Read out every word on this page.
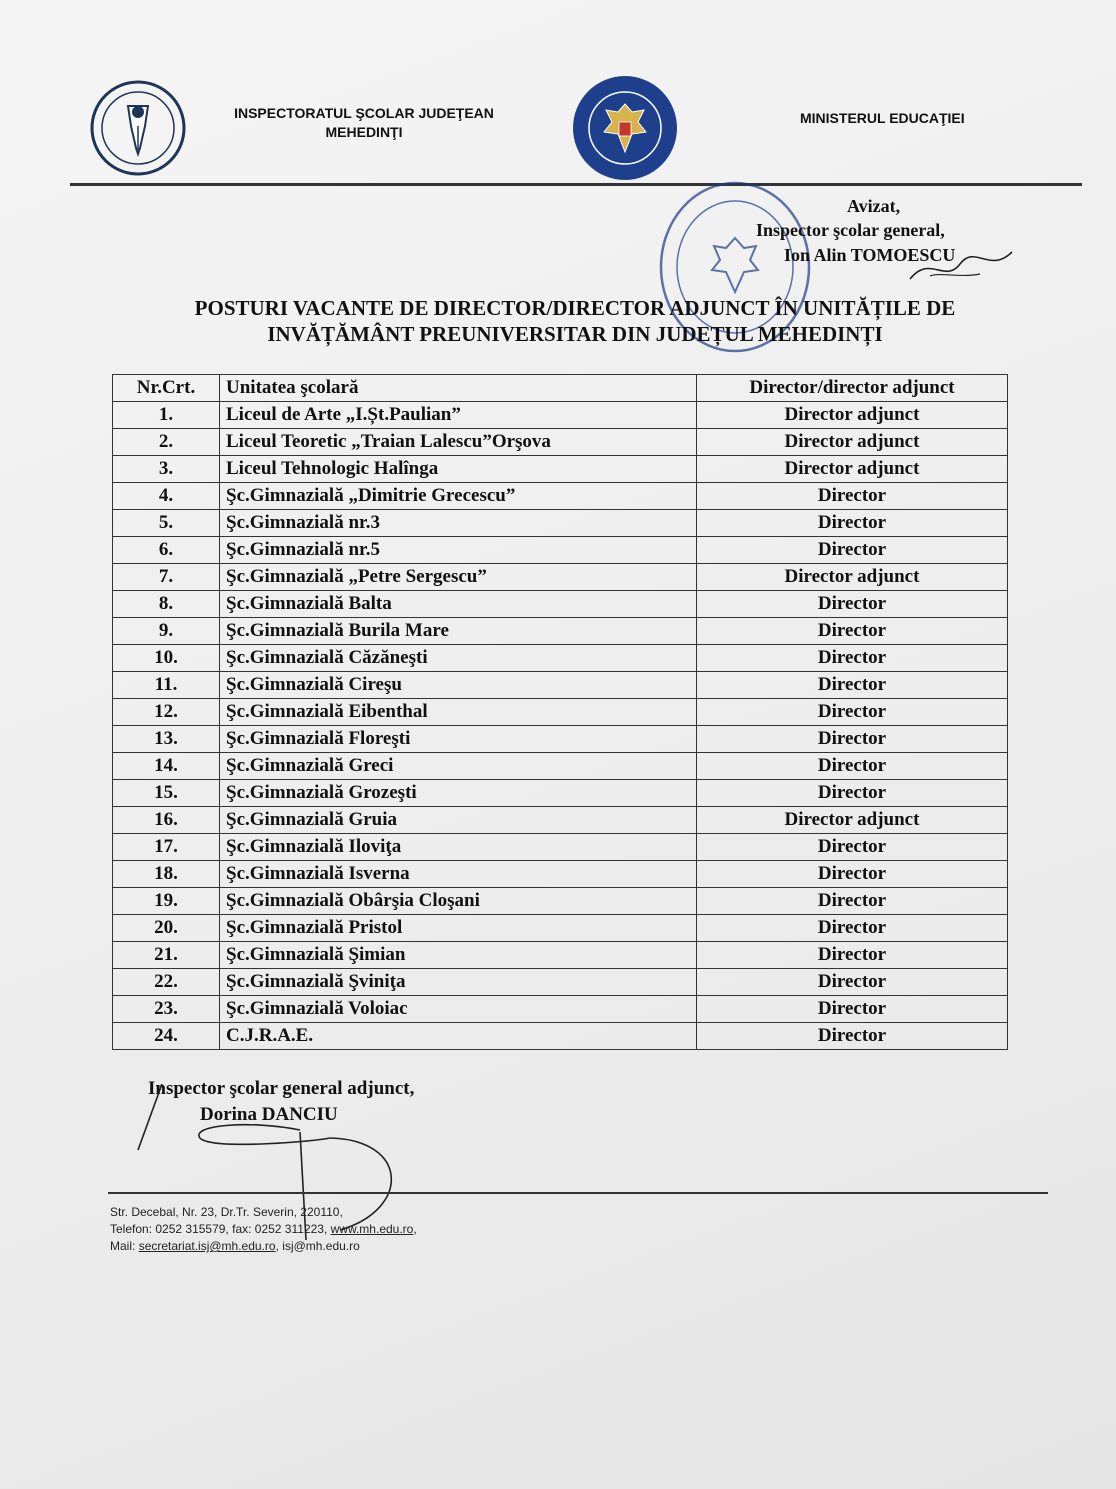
INSPECTORATUL ŞCOLAR JUDEŢEAN
MEHEDINŢI
MINISTERUL EDUCAŢIEI
Avizat,
Inspector şcolar general,
Ion Alin TOMOESCU
POSTURI VACANTE DE DIRECTOR/DIRECTOR ADJUNCT ÎN UNITĂȚILE DE
INVĂȚĂMÂNT PREUNIVERSITAR DIN JUDEȚUL MEHEDINȚI
Nr.Crt.	Unitatea şcolară	Director/director adjunct
1.	Liceul de Arte „I.Șt.Paulian”	Director adjunct
2.	Liceul Teoretic „Traian Lalescu”Orşova	Director adjunct
3.	Liceul Tehnologic Halînga	Director adjunct
4.	Şc.Gimnazială „Dimitrie Grecescu”	Director
5.	Şc.Gimnazială nr.3	Director
6.	Şc.Gimnazială nr.5	Director
7.	Şc.Gimnazială „Petre Sergescu”	Director adjunct
8.	Şc.Gimnazială Balta	Director
9.	Şc.Gimnazială Burila Mare	Director
10.	Şc.Gimnazială Căzăneşti	Director
11.	Şc.Gimnazială Cireşu	Director
12.	Şc.Gimnazială Eibenthal	Director
13.	Şc.Gimnazială Floreşti	Director
14.	Şc.Gimnazială Greci	Director
15.	Şc.Gimnazială Grozeşti	Director
16.	Şc.Gimnazială Gruia	Director adjunct
17.	Şc.Gimnazială Iloviţa	Director
18.	Şc.Gimnazială Isverna	Director
19.	Şc.Gimnazială Obârşia Cloşani	Director
20.	Şc.Gimnazială Pristol	Director
21.	Şc.Gimnazială Şimian	Director
22.	Şc.Gimnazială Şviniţa	Director
23.	Şc.Gimnazială Voloiac	Director
24.	C.J.R.A.E.	Director
Inspector şcolar general adjunct,
Dorina DANCIU
Str. Decebal, Nr. 23, Dr.Tr. Severin, 220110,
Telefon: 0252 315579, fax: 0252 311223, www.mh.edu.ro,
Mail: secretariat.isj@mh.edu.ro, isj@mh.edu.ro
